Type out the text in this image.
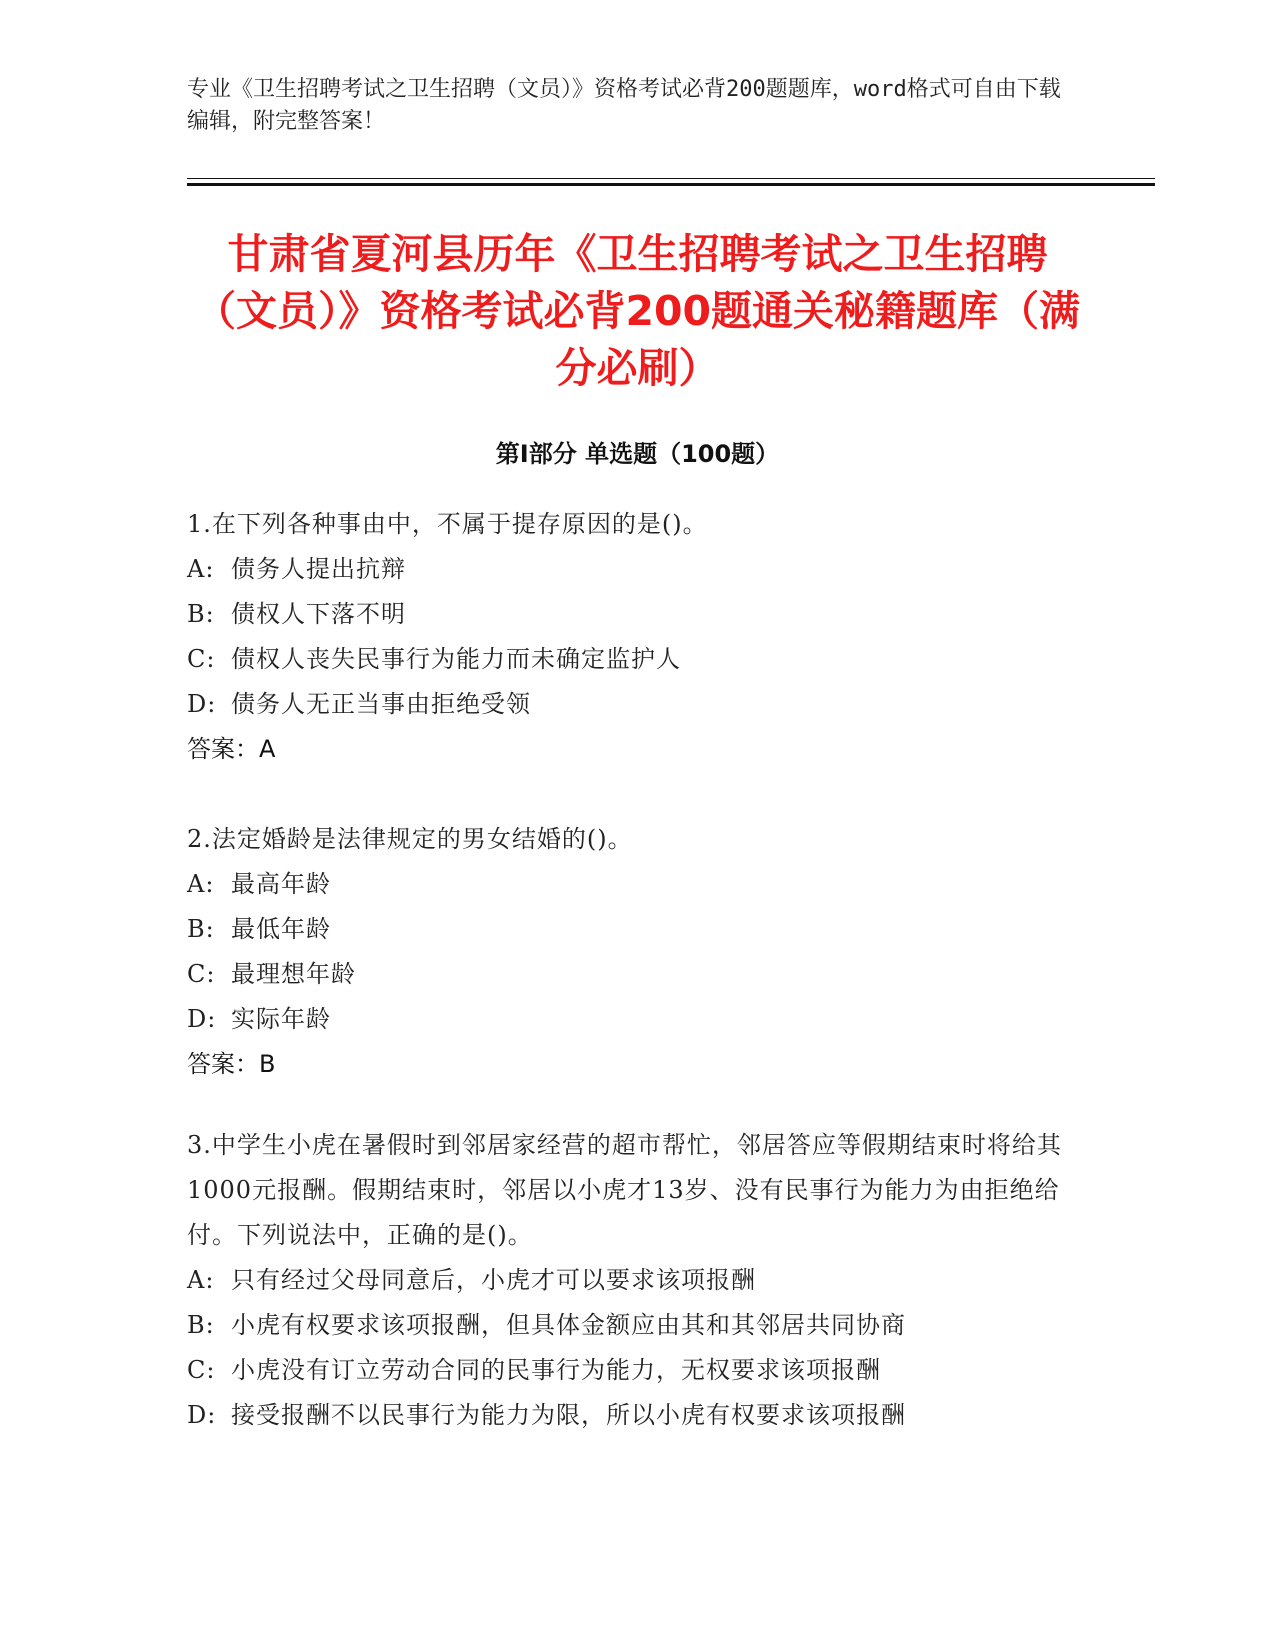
专业《卫生招聘考试之卫生招聘（文员）》资格考试必背200题题库，word格式可自由下载编辑，附完整答案！
甘肃省夏河县历年《卫生招聘考试之卫生招聘（文员）》资格考试必背200题通关秘籍题库（满分必刷）
第Ⅰ部分 单选题（100题）

1.在下列各种事由中，不属于提存原因的是()。

A: 债务人提出抗辩

B: 债权人下落不明

C: 债权人丧失民事行为能力而未确定监护人

D: 债务人无正当事由拒绝受领

答案：A

2.法定婚龄是法律规定的男女结婚的()。

A: 最高年龄

B: 最低年龄

C: 最理想年龄

D: 实际年龄

答案：B

3.中学生小虎在暑假时到邻居家经营的超市帮忙，邻居答应等假期结束时将给其1000元报酬。假期结束时，邻居以小虎才13岁、没有民事行为能力为由拒绝给付。下列说法中，正确的是()。

A: 只有经过父母同意后，小虎才可以要求该项报酬

B: 小虎有权要求该项报酬，但具体金额应由其和其邻居共同协商

C: 小虎没有订立劳动合同的民事行为能力，无权要求该项报酬

D: 接受报酬不以民事行为能力为限，所以小虎有权要求该项报酬
